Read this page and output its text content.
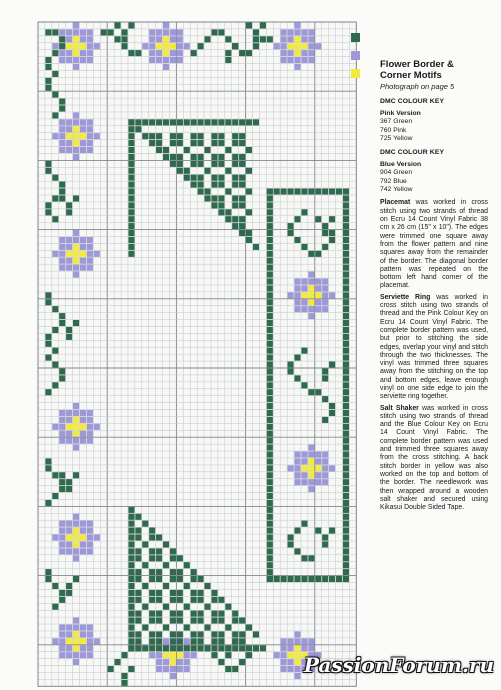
Flower Border &
Corner Motifs

Photograph on page 5
DMC COLOUR KEY
Pink Version
367 Green
760 Pink
725 Yellow
DMC COLOUR KEY
Blue Version
904 Green
792 Blue
742 Yellow
Placemat was worked in cross stitch using two strands of thread on Ecru 14 Count Vinyl Fabric 38 cm x 26 cm (15" x 10"). The edges were trimmed one square away from the flower pattern and nine squares away from the remainder of the border. The diagonal border pattern was repeated on the bottom left hand corner of the placemat.
Serviette Ring was worked in cross stitch using two strands of thread and the Pink Colour Key on Ecru 14 Count Vinyl Fabric. The complete border pattern was used, but prior to stitching the side edges, overlap your vinyl and stitch through the two thicknesses. The vinyl was trimmed three squares away from the stitching on the top and bottom edges, leave enough vinyl on one side edge to join the serviette ring together.
Salt Shaker was worked in cross stitch using two strands of thread and the Blue Colour Key on Ecru 14 Count Vinyl Fabric. The complete border pattern was used and trimmed three squares away from the cross stitching. A back stitch border in yellow was also worked on the top and bottom of the border. The needlework was then wrapped around a wooden salt shaker and secured using Kikasui Double Sided Tape.
PassionForum.ru
